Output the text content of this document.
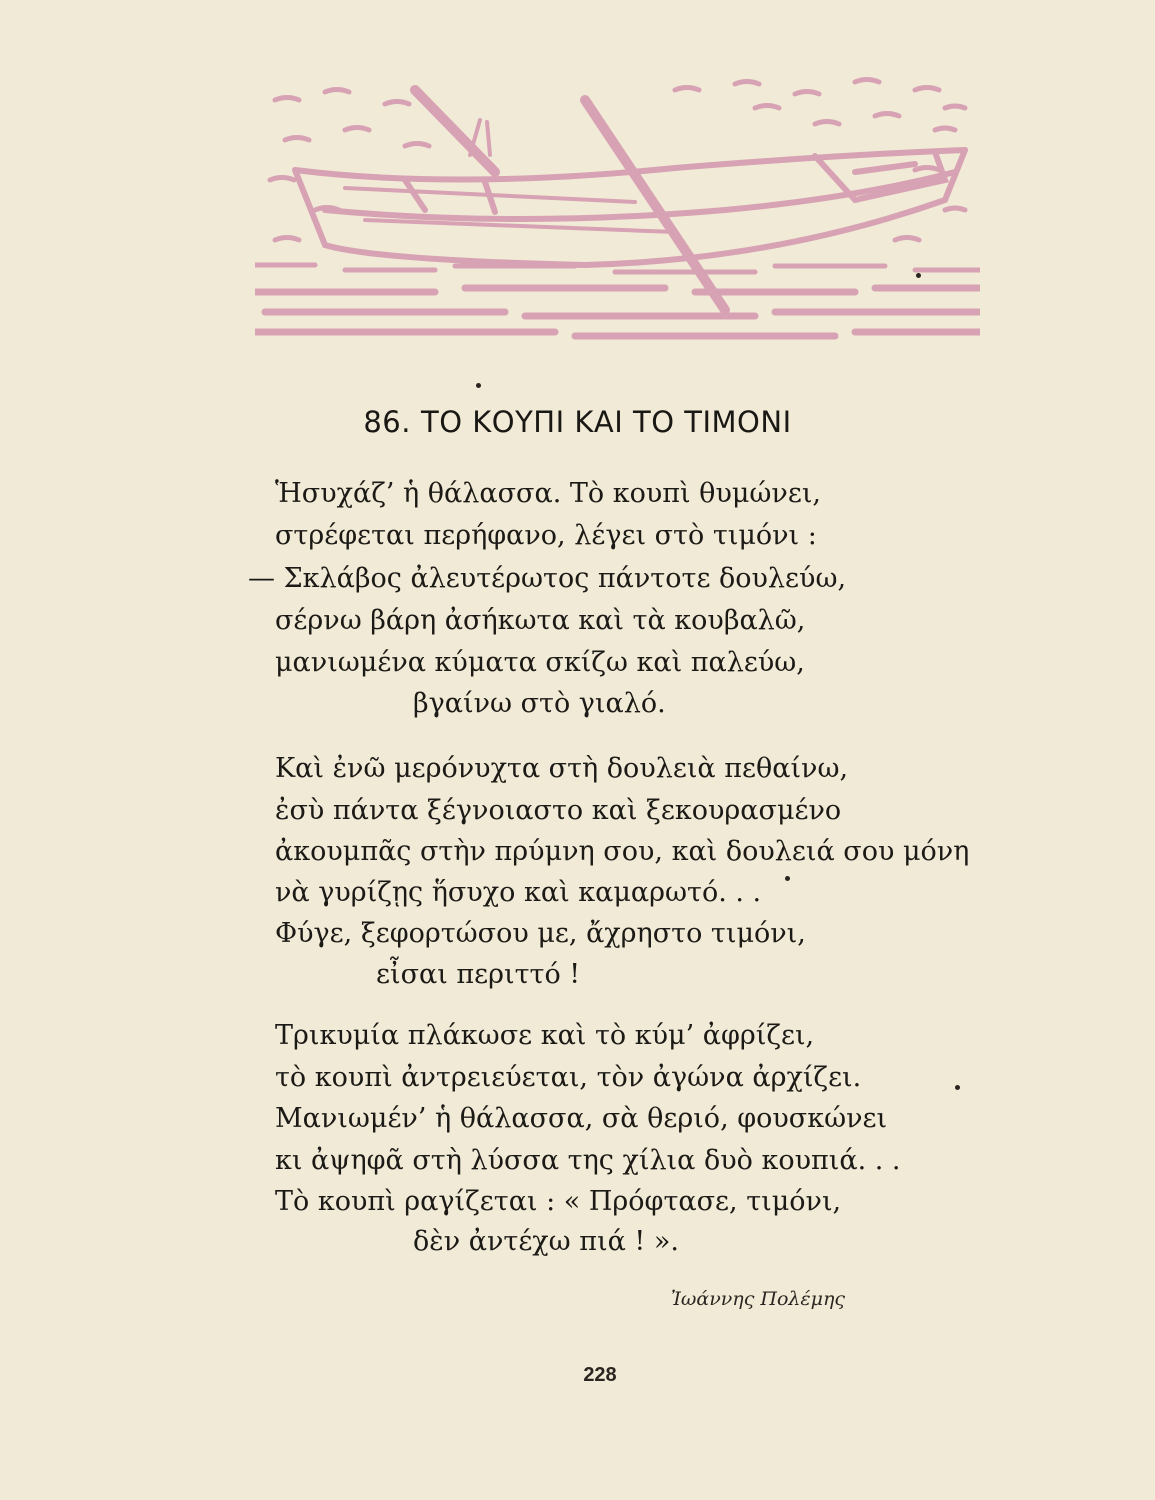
86. ΤΟ ΚΟΥΠΙ ΚΑΙ ΤΟ ΤΙΜΟΝΙ
Ἡσυχάζ’ ἡ θάλασσα. Τὸ κουπὶ θυμώνει,
στρέφεται περήφανο, λέγει στὸ τιμόνι :
— Σκλάβος ἀλευτέρωτος πάντοτε δουλεύω,
σέρνω βάρη ἀσήκωτα καὶ τὰ κουβαλῶ,
μανιωμένα κύματα σκίζω καὶ παλεύω,
βγαίνω στὸ γιαλό.
Καὶ ἐνῶ μερόνυχτα στὴ δουλειὰ πεθαίνω,
ἐσὺ πάντα ξέγνοιαστο καὶ ξεκουρασμένο
ἀκουμπᾶς στὴν πρύμνη σου, καὶ δουλειά σου μόνη
νὰ γυρίζῃς ἥσυχο καὶ καμαρωτό. . .
Φύγε, ξεφορτώσου με, ἄχρηστο τιμόνι,
εἶσαι περιττό !
Τρικυμία πλάκωσε καὶ τὸ κύμ’ ἀφρίζει,
τὸ κουπὶ ἀντρειεύεται, τὸν ἀγώνα ἀρχίζει.
Μανιωμέν’ ἡ θάλασσα, σὰ θεριό, φουσκώνει
κι ἀψηφᾶ στὴ λύσσα της χίλια δυὸ κουπιά. . .
Τὸ κουπὶ ραγίζεται : « Πρόφτασε, τιμόνι,
δὲν ἀντέχω πιά ! ».
Ἰωάννης Πολέμης
228
